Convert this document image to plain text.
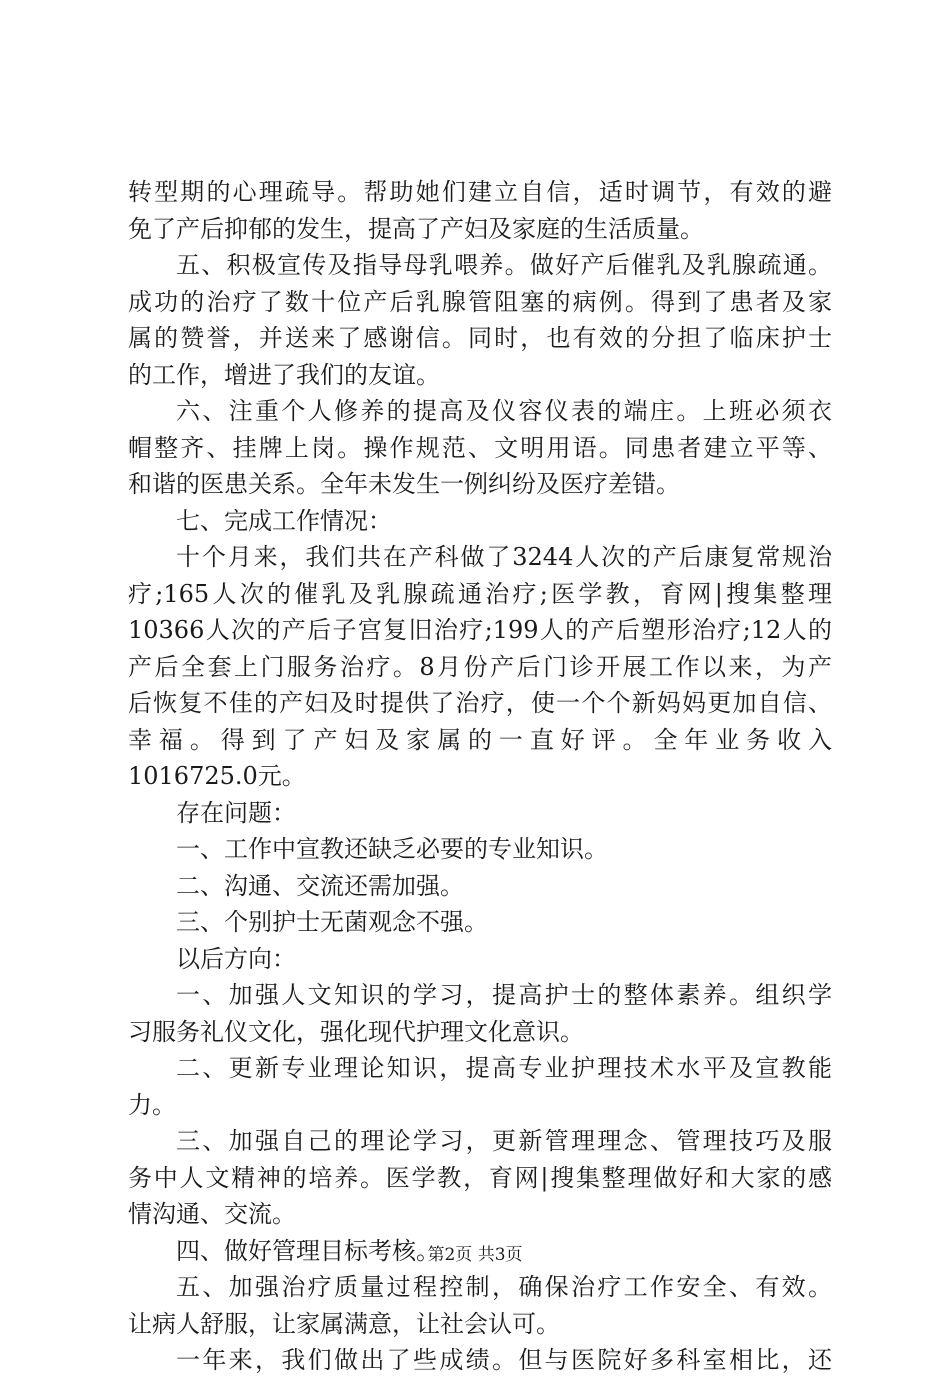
转型期的心理疏导。帮助她们建立自信，适时调节，有效的避
免了产后抑郁的发生，提高了产妇及家庭的生活质量。
五、积极宣传及指导母乳喂养。做好产后催乳及乳腺疏通。
成功的治疗了数十位产后乳腺管阻塞的病例。得到了患者及家
属的赞誉，并送来了感谢信。同时，也有效的分担了临床护士
的工作，增进了我们的友谊。
六、注重个人修养的提高及仪容仪表的端庄。上班必须衣
帽整齐、挂牌上岗。操作规范、文明用语。同患者建立平等、
和谐的医患关系。全年未发生一例纠纷及医疗差错。
七、完成工作情况：
十个月来，我们共在产科做了3244人次的产后康复常规治
疗;165人次的催乳及乳腺疏通治疗;医学教，育网|搜集整理
10366人次的产后子宫复旧治疗;199人的产后塑形治疗;12人的
产后全套上门服务治疗。8月份产后门诊开展工作以来，为产
后恢复不佳的产妇及时提供了治疗，使一个个新妈妈更加自信、
幸福。得到了产妇及家属的一直好评。全年业务收入
1016725.0元。
存在问题：
一、工作中宣教还缺乏必要的专业知识。
二、沟通、交流还需加强。
三、个别护士无菌观念不强。
以后方向：
一、加强人文知识的学习，提高护士的整体素养。组织学
习服务礼仪文化，强化现代护理文化意识。
二、更新专业理论知识，提高专业护理技术水平及宣教能
力。
三、加强自己的理论学习，更新管理理念、管理技巧及服
务中人文精神的培养。医学教，育网|搜集整理做好和大家的感
情沟通、交流。
四、做好管理目标考核。
五、加强治疗质量过程控制，确保治疗工作安全、有效。
让病人舒服，让家属满意，让社会认可。
一年来，我们做出了些成绩。但与医院好多科室相比，还
第2页 共3页
